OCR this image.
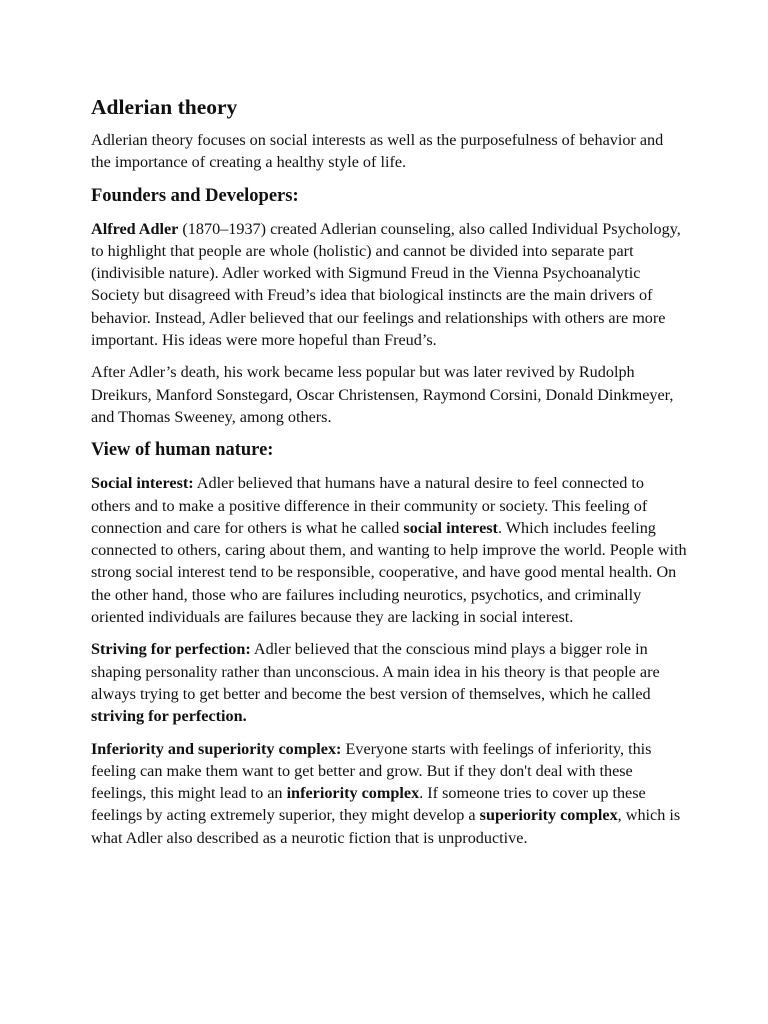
Adlerian theory

Adlerian theory focuses on social interests as well as the purposefulness of behavior and the importance of creating a healthy style of life.

Founders and Developers:

Alfred Adler (1870–1937) created Adlerian counseling, also called Individual Psychology, to highlight that people are whole (holistic) and cannot be divided into separate part (indivisible nature). Adler worked with Sigmund Freud in the Vienna Psychoanalytic Society but disagreed with Freud’s idea that biological instincts are the main drivers of behavior. Instead, Adler believed that our feelings and relationships with others are more important. His ideas were more hopeful than Freud’s.

After Adler’s death, his work became less popular but was later revived by Rudolph Dreikurs, Manford Sonstegard, Oscar Christensen, Raymond Corsini, Donald Dinkmeyer, and Thomas Sweeney, among others.

View of human nature:

Social interest: Adler believed that humans have a natural desire to feel connected to others and to make a positive difference in their community or society. This feeling of connection and care for others is what he called social interest. Which includes feeling connected to others, caring about them, and wanting to help improve the world. People with strong social interest tend to be responsible, cooperative, and have good mental health. On the other hand, those who are failures including neurotics, psychotics, and criminally oriented individuals are failures because they are lacking in social interest.

Striving for perfection: Adler believed that the conscious mind plays a bigger role in shaping personality rather than unconscious. A main idea in his theory is that people are always trying to get better and become the best version of themselves, which he called striving for perfection.

Inferiority and superiority complex: Everyone starts with feelings of inferiority, this feeling can make them want to get better and grow. But if they don't deal with these feelings, this might lead to an inferiority complex. If someone tries to cover up these feelings by acting extremely superior, they might develop a superiority complex, which is what Adler also described as a neurotic fiction that is unproductive.
